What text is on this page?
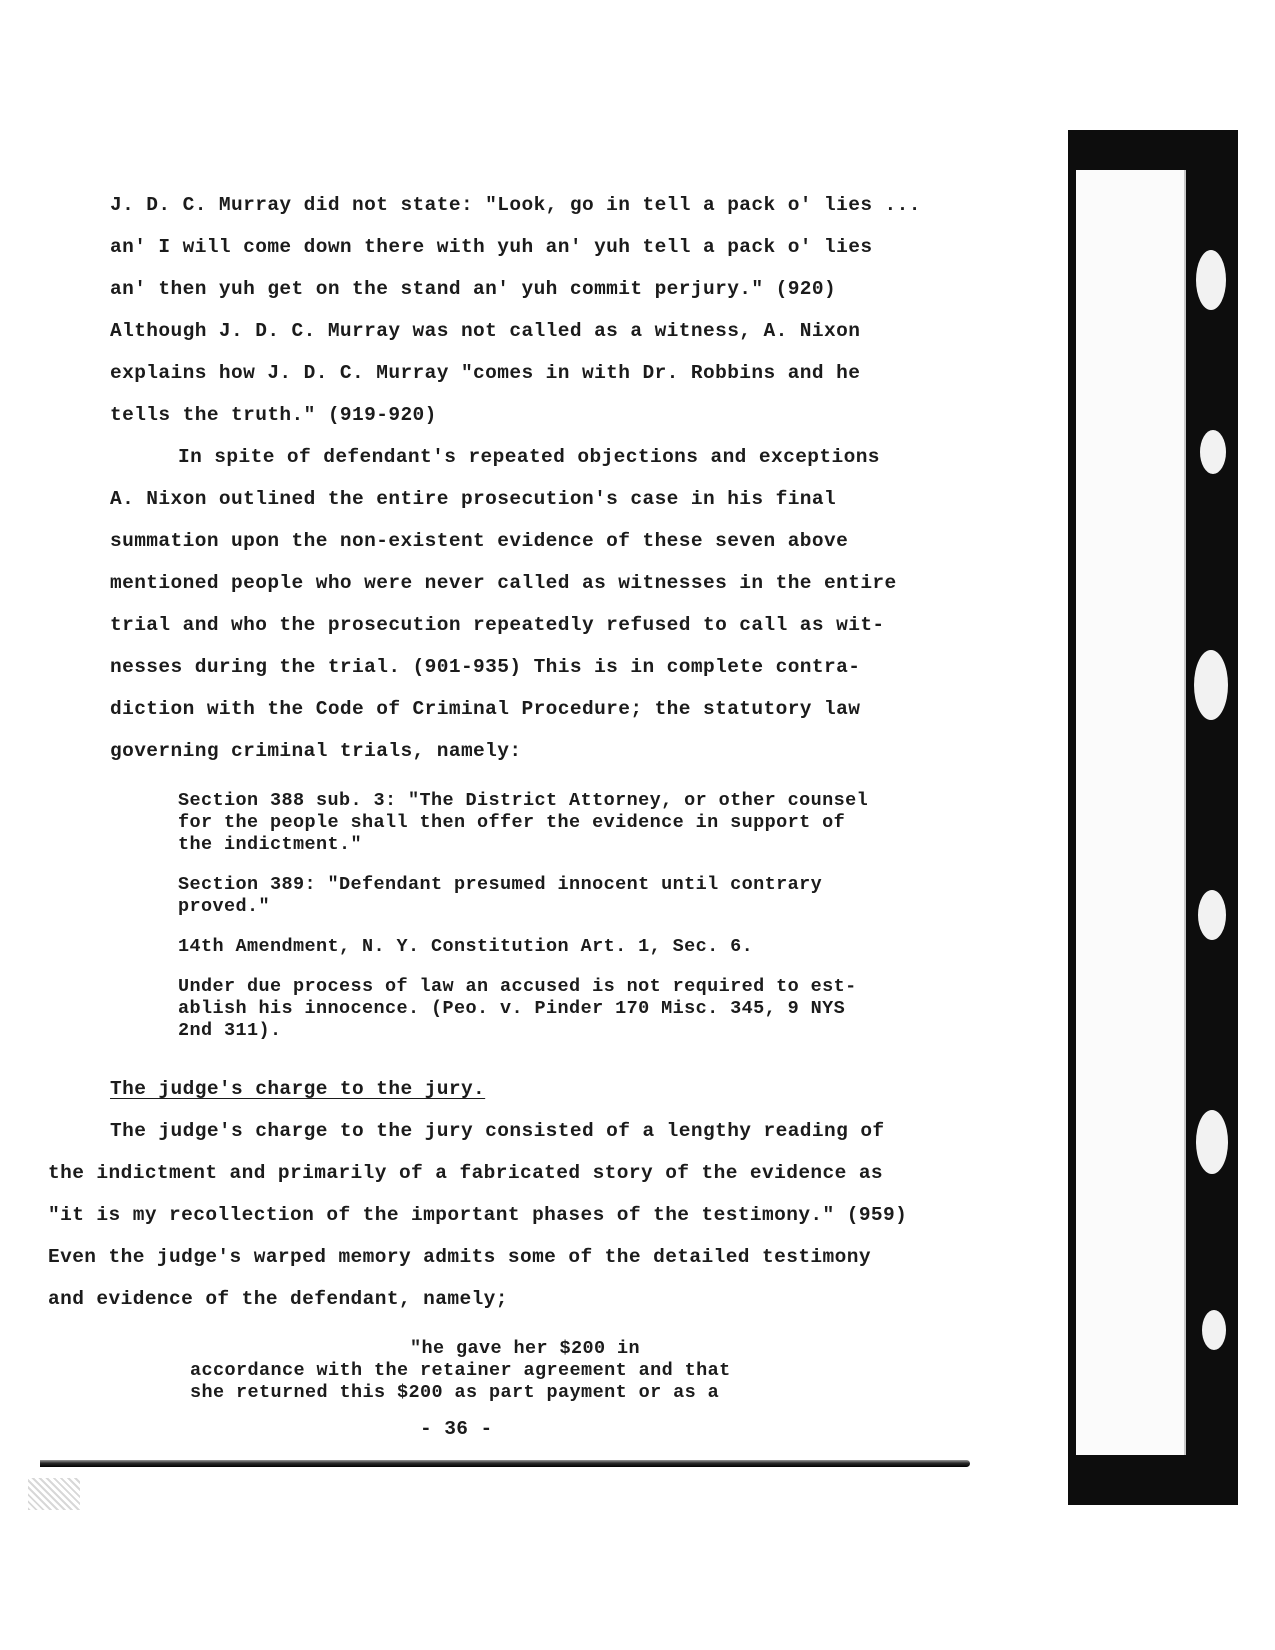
J. D. C. Murray did not state: "Look, go in tell a pack o' lies ...
an' I will come down there with yuh an' yuh tell a pack o' lies
an' then yuh get on the stand an' yuh commit perjury." (920)
Although J. D. C. Murray was not called as a witness, A. Nixon
explains how J. D. C. Murray "comes in with Dr. Robbins and he
tells the truth." (919-920)
In spite of defendant's repeated objections and exceptions
A. Nixon outlined the entire prosecution's case in his final
summation upon the non-existent evidence of these seven above
mentioned people who were never called as witnesses in the entire
trial and who the prosecution repeatedly refused to call as wit-
nesses during the trial. (901-935) This is in complete contra-
diction with the Code of Criminal Procedure; the statutory law
governing criminal trials, namely:
Section 388 sub. 3: "The District Attorney, or other counsel
for the people shall then offer the evidence in support of
the indictment."
Section 389: "Defendant presumed innocent until contrary
proved."
14th Amendment, N. Y. Constitution Art. 1, Sec. 6.
Under due process of law an accused is not required to est-
ablish his innocence. (Peo. v. Pinder 170 Misc. 345, 9 NYS
2nd 311).
The judge's charge to the jury.
The judge's charge to the jury consisted of a lengthy reading of
the indictment and primarily of a fabricated story of the evidence as
"it is my recollection of the important phases of the testimony." (959)
Even the judge's warped memory admits some of the detailed testimony
and evidence of the defendant, namely;
"he gave her $200 in
accordance with the retainer agreement and that
she returned this $200 as part payment or as a
- 36 -
